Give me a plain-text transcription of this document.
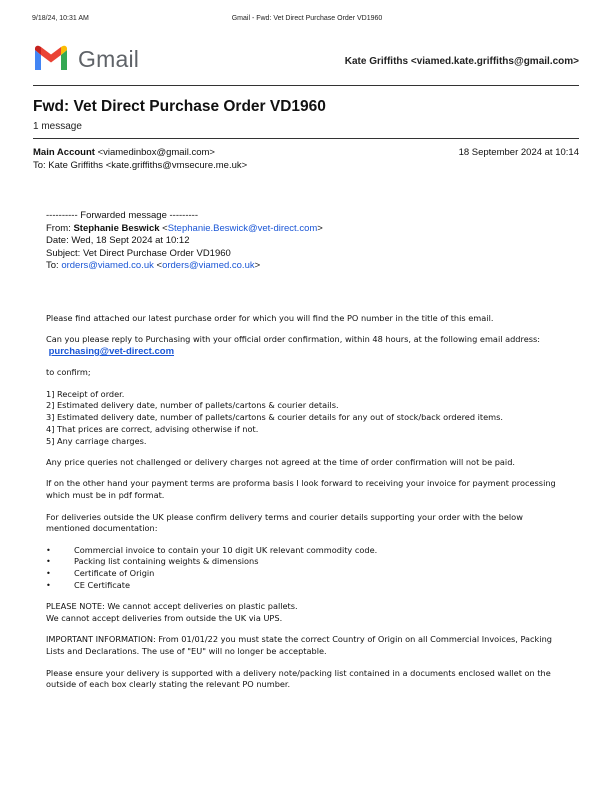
9/18/24, 10:31 AM	Gmail - Fwd: Vet Direct Purchase Order VD1960
Gmail	Kate Griffiths <viamed.kate.griffiths@gmail.com>
Fwd: Vet Direct Purchase Order VD1960
1 message
Main Account <viamedinbox@gmail.com>	18 September 2024 at 10:14
To: Kate Griffiths <kate.griffiths@vmsecure.me.uk>
---------- Forwarded message ---------
From: Stephanie Beswick <Stephanie.Beswick@vet-direct.com>
Date: Wed, 18 Sept 2024 at 10:12
Subject: Vet Direct Purchase Order VD1960
To: orders@viamed.co.uk <orders@viamed.co.uk>

Please find attached our latest purchase order for which you will find the PO number in the title of this email.

Can you please reply to Purchasing with your official order confirmation, within 48 hours, at the following email address:  purchasing@vet-direct.com

to confirm;

1] Receipt of order.
2] Estimated delivery date, number of pallets/cartons & courier details.
3] Estimated delivery date, number of pallets/cartons & courier details for any out of stock/back ordered items.
4] That prices are correct, advising otherwise if not.
5] Any carriage charges.

Any price queries not challenged or delivery charges not agreed at the time of order confirmation will not be paid.

If on the other hand your payment terms are proforma basis I look forward to receiving your invoice for payment processing which must be in pdf format.

For deliveries outside the UK please confirm delivery terms and courier details supporting your order with the below mentioned documentation:

• Commercial invoice to contain your 10 digit UK relevant commodity code.
• Packing list containing weights & dimensions
• Certificate of Origin
• CE Certificate

PLEASE NOTE: We cannot accept deliveries on plastic pallets.
We cannot accept deliveries from outside the UK via UPS.

IMPORTANT INFORMATION: From 01/01/22 you must state the correct Country of Origin on all Commercial Invoices, Packing Lists and Declarations. The use of "EU" will no longer be acceptable.

Please ensure your delivery is supported with a delivery note/packing list contained in a documents enclosed wallet on the outside of each box clearly stating the relevant PO number.
